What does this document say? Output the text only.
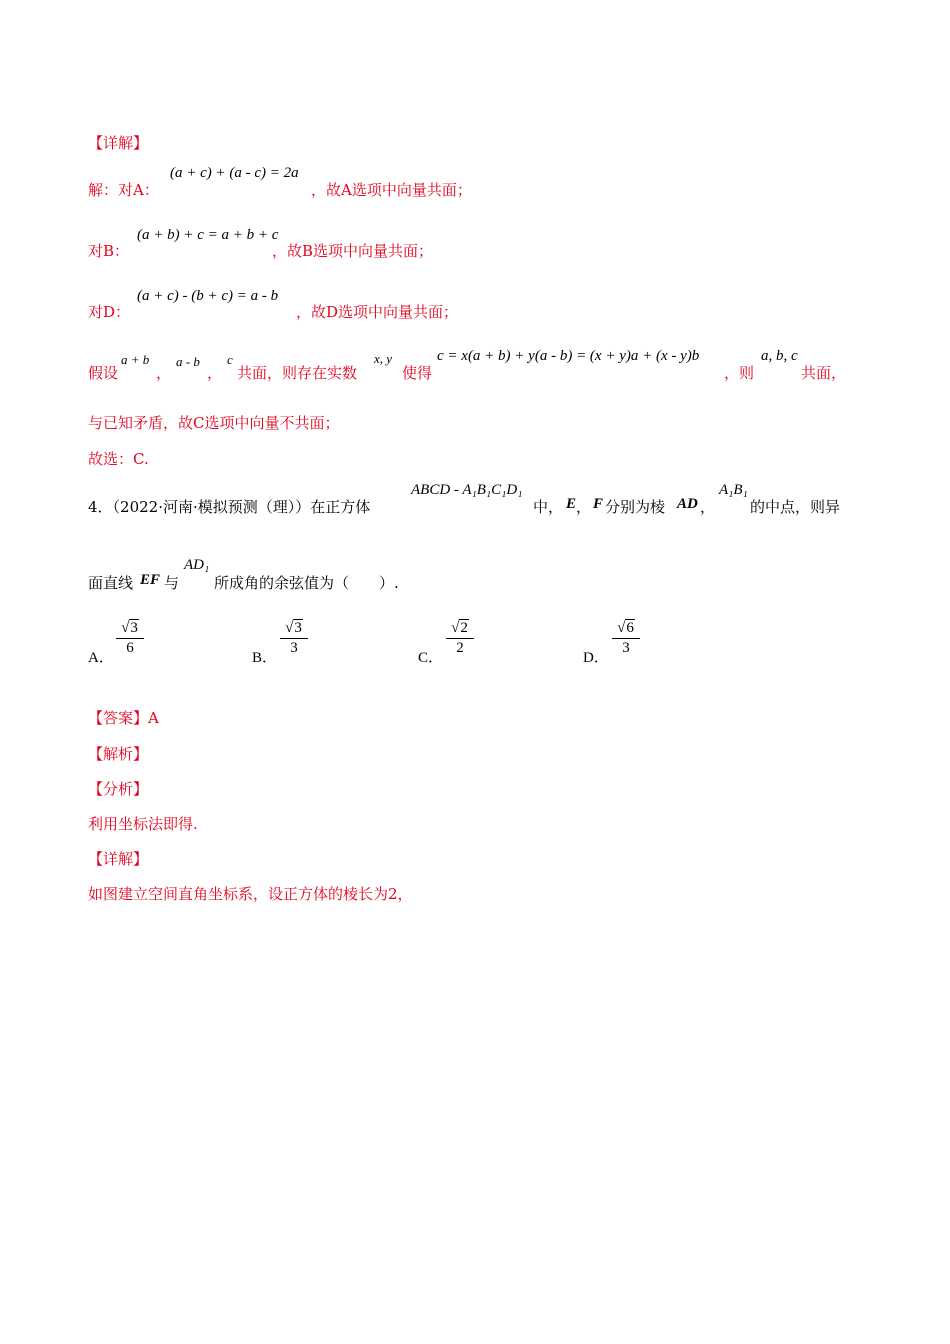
【详解】
解：对A：
(a + c) + (a - c) = 2a
，故A选项中向量共面；
对B：
(a + b) + c = a + b + c
，故B选项中向量共面；
对D：
(a + c) - (b + c) = a - b
，故D选项中向量共面；
假设
a + b
，
a - b
，
c
共面，则存在实数
x, y
使得
c = x(a + b) + y(a - b) = (x + y)a + (x - y)b
，则
a, b, c
共面，
与已知矛盾，故C选项中向量不共面；
故选：C.
4．（2022·河南·模拟预测（理））在正方体
ABCD - A₁B₁C₁D₁
中， E ， F 分别为棱 AD ，
A₁B₁
的中点，则异
面直线 EF 与
AD₁
所成角的余弦值为（　　）.
A．
√3
6
B．
√3
3
C．
√2
2
D．
√6
3
【答案】A
【解析】
【分析】
利用坐标法即得.
【详解】
如图建立空间直角坐标系，设正方体的棱长为2，
